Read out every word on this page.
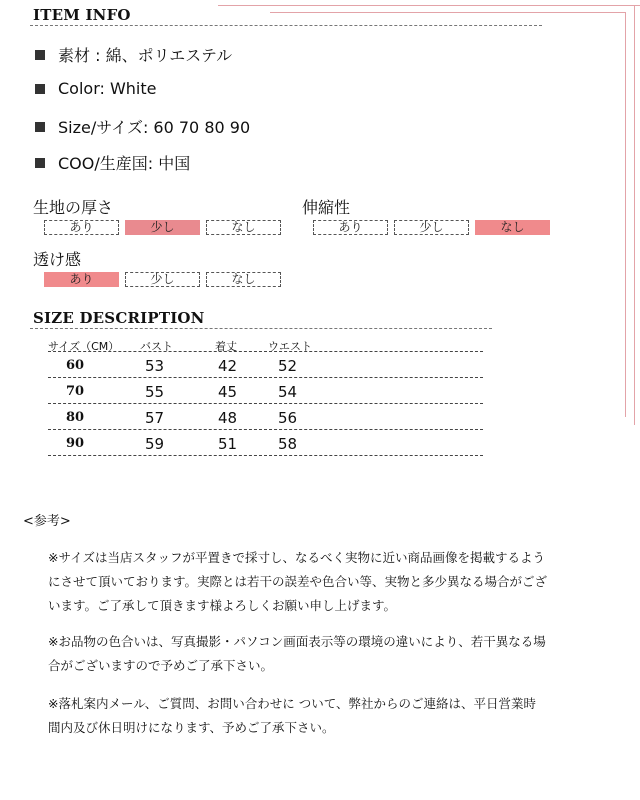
ITEM INFO
素材 : 綿、ポリエステル
Color: White
Size/サイズ: 60 70 80 90
COO/生産国: 中国
生地の厚さ
あり	少し	なし
伸縮性
あり	少し	なし
透け感
あり	少し	なし
SIZE DESCRIPTION
サイズ（CM） バスト	着丈	ウエスト
60	53	42	52
70	55	45	54
80	57	48	56
90	59	51	58
<参考>
※サイズは当店スタッフが平置きで採寸し、なるべく実物に近い商品画像を掲載するようにさせて頂いております。実際とは若干の誤差や色合い等、実物と多少異なる場合がございます。ご了承して頂きます様よろしくお願い申し上げます。
※お品物の色合いは、写真撮影・パソコン画面表示等の環境の違いにより、若干異なる場合がございますので予めご了承下さい。
※落札案内メール、ご質問、お問い合わせに ついて、弊社からのご連絡は、平日営業時間内及び休日明けになります、予めご了承下さい。
